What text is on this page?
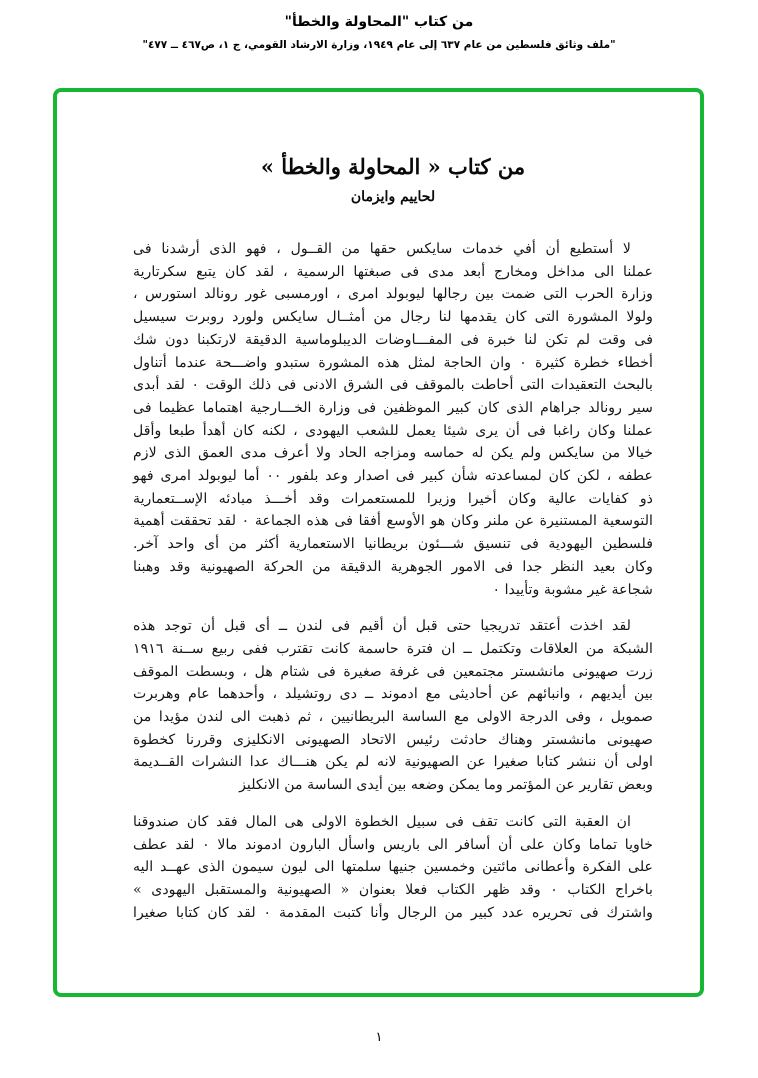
من كتاب "المحاولة والخطأ"
"ملف وثائق فلسطين من عام ٦٣٧ إلى عام ١٩٤٩، وزارة الارشاد القومي، ج ١، ص٤٦٧ ــ ٤٧٧"
من كتاب « المحاولة والخطأ »
لحاييم وايزمان

لا أستطيع أن أفي خدمات سايكس حقها من القــول ، فهو الذى أرشدنا فى
عملنا الى مداخل ومخارج أبعد مدى فى صبغتها الرسمية ، لقد كان يتبع سكرتارية
وزارة الحرب التى ضمت بين رجالها ليوبولد امرى ، اورمسبى غور رونالد استورس ،
ولولا المشورة التى كان يقدمها لنا رجال من أمثــال سايكس ولورد روبرت سيسيل
فى وقت لم تكن لنا خبرة فى المفـــاوضات الديبلوماسية الدقيقة لارتكبنا دون شك
أخطاء خطرة كثيرة ٠ وان الحاجة لمثل هذه المشورة ستبدو واضـــحة عندما أتناول
بالبحث التعقيدات التى أحاطت بالموقف فى الشرق الادنى فى ذلك الوقت ٠ لقد أبدى
سير رونالد جراهام الذى كان كبير الموظفين فى وزارة الخـــارجية اهتماما عظيما فى
عملنا وكان راغبا فى أن يرى شيئا يعمل للشعب اليهودى ، لكنه كان أهدأ طبعا وأقل
خيالا من سايكس ولم يكن له حماسه ومزاجه الحاد ولا أعرف مدى العمق الذى لازم
عطفه ، لكن كان لمساعدته شأن كبير فى اصدار وعد بلفور ٠٠ أما ليوبولد امرى فهو
ذو كفايات عالية وكان أخيرا وزيرا للمستعمرات وقد أخـــذ مبادئه الإســتعمارية
التوسعية المستنيرة عن ملنر وكان هو الأوسع أفقا فى هذه الجماعة ٠ لقد تحققت أهمية
فلسطين اليهودية فى تنسيق شـــئون بريطانيا الاستعمارية أكثر من أى واحد آخر.
وكان بعيد النظر جدا فى الامور الجوهرية الدقيقة من الحركة الصهيونية وقد وهبنا
شجاعة غير مشوبة وتأييدا ٠

لقد اخذت أعتقد تدريجيا حتى قبل أن أقيم فى لندن ــ أى قبل أن توجد هذه
الشبكة من العلاقات وتكتمل ــ ان فترة حاسمة كانت تقترب ففى ربيع ســنة ١٩١٦
زرت صهيونى مانشستر مجتمعين فى غرفة صغيرة فى شتام هل ، وبسطت الموقف
بين أيديهم ، وانبائهم عن أحاديثى مع ادموند ــ دى روتشيلد ، وأحدهما عام وهربرت
صمويل ، وفى الدرجة الاولى مع الساسة البريطانيين ، ثم ذهبت الى لندن مؤيدا من
صهيونى مانشستر وهناك حادثت رئيس الاتحاد الصهيونى الانكليزى وقررنا كخطوة
اولى أن ننشر كتابا صغيرا عن الصهيونية لانه لم يكن هنـــاك عدا النشرات القــديمة
وبعض تقارير عن المؤتمر وما يمكن وضعه بين أيدى الساسة من الانكليز

ان العقبة التى كانت تقف فى سبيل الخطوة الاولى هى المال فقد كان صندوقنا
خاويا تماما وكان على أن أسافر الى باريس واسأل البارون ادموند مالا ٠ لقد عطف
على الفكرة وأعطانى مائتين وخمسين جنيها سلمتها الى ليون سيمون الذى عهــد اليه
باخراج الكتاب ٠ وقد ظهر الكتاب فعلا بعنوان « الصهيونية والمستقبل اليهودى »
واشترك فى تحريره عدد كبير من الرجال وأنا كتبت المقدمة ٠ لقد كان كتابا صغيرا

١
